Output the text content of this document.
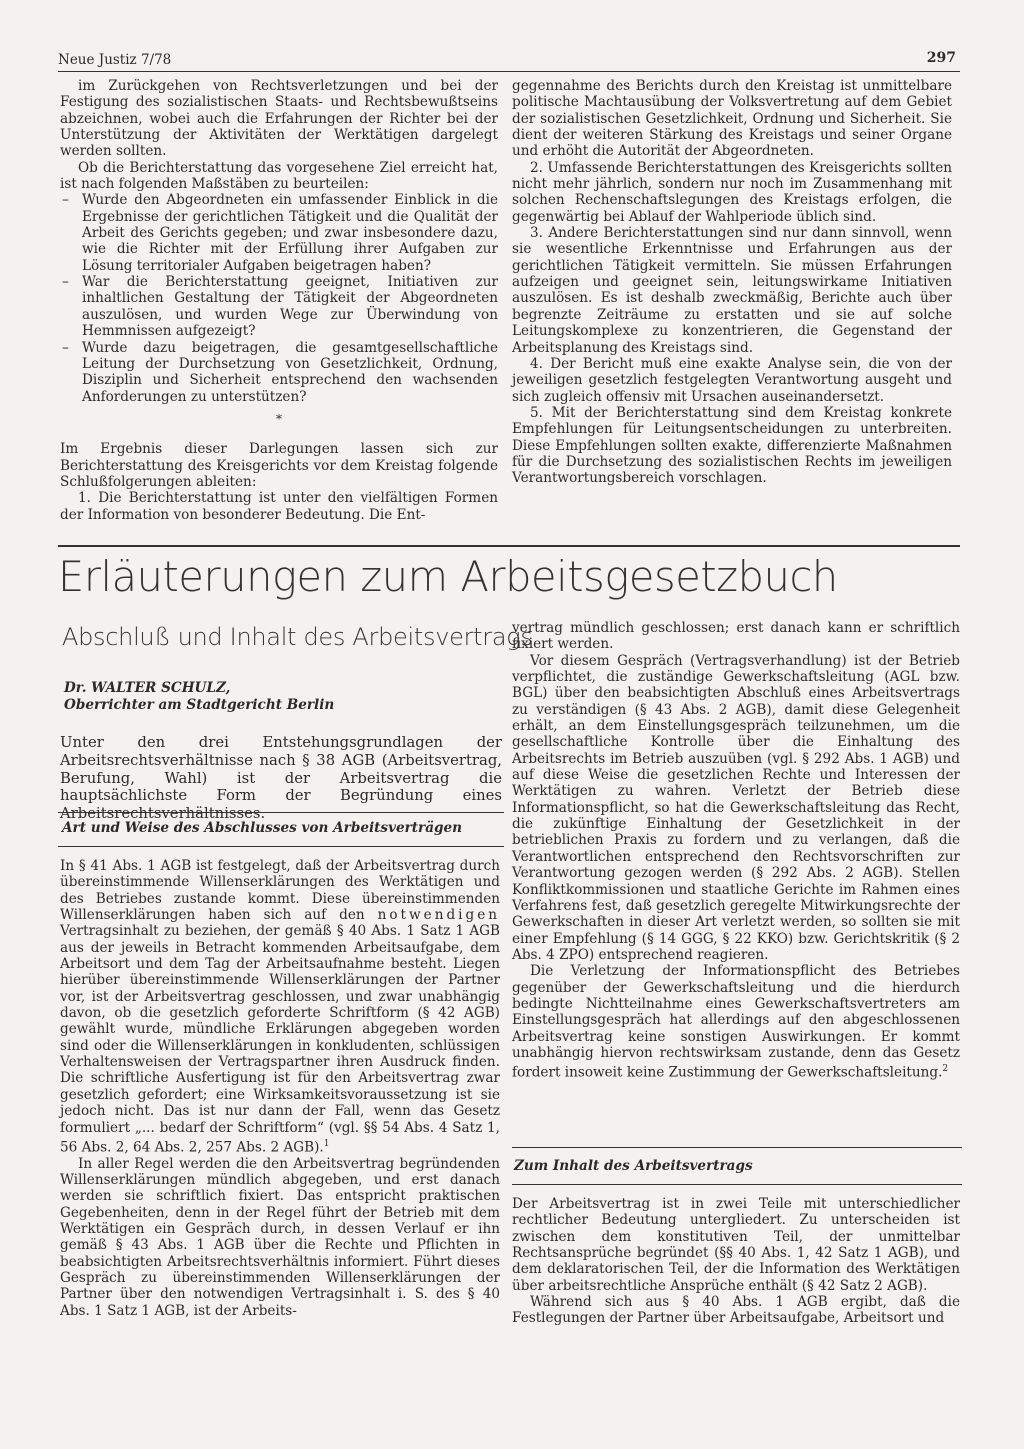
Neue Justiz 7/78	297

im Zurückgehen von Rechtsverletzungen und bei der Festigung des sozialistischen Staats- und Rechtsbewußtseins abzeichnen, wobei auch die Erfahrungen der Richter bei der Unterstützung der Aktivitäten der Werktätigen dargelegt werden sollten.

Ob die Berichterstattung das vorgesehene Ziel erreicht hat, ist nach folgenden Maßstäben zu beurteilen:

– Wurde den Abgeordneten ein umfassender Einblick in die Ergebnisse der gerichtlichen Tätigkeit und die Qualität der Arbeit des Gerichts gegeben; und zwar insbesondere dazu, wie die Richter mit der Erfüllung ihrer Aufgaben zur Lösung territorialer Aufgaben beigetragen haben?

– War die Berichterstattung geeignet, Initiativen zur inhaltlichen Gestaltung der Tätigkeit der Abgeordneten auszulösen, und wurden Wege zur Überwindung von Hemmnissen aufgezeigt?

– Wurde dazu beigetragen, die gesamtgesellschaftliche Leitung der Durchsetzung von Gesetzlichkeit, Ordnung, Disziplin und Sicherheit entsprechend den wachsenden Anforderungen zu unterstützen?

*

Im Ergebnis dieser Darlegungen lassen sich zur Berichterstattung des Kreisgerichts vor dem Kreistag folgende Schlußfolgerungen ableiten:

1. Die Berichterstattung ist unter den vielfältigen Formen der Information von besonderer Bedeutung. Die Ent-

gegennahme des Berichts durch den Kreistag ist unmittelbare politische Machtausübung der Volksvertretung auf dem Gebiet der sozialistischen Gesetzlichkeit, Ordnung und Sicherheit. Sie dient der weiteren Stärkung des Kreistags und seiner Organe und erhöht die Autorität der Abgeordneten.

2. Umfassende Berichterstattungen des Kreisgerichts sollten nicht mehr jährlich, sondern nur noch im Zusammenhang mit solchen Rechenschaftslegungen des Kreistags erfolgen, die gegenwärtig bei Ablauf der Wahlperiode üblich sind.

3. Andere Berichterstattungen sind nur dann sinnvoll, wenn sie wesentliche Erkenntnisse und Erfahrungen aus der gerichtlichen Tätigkeit vermitteln. Sie müssen Erfahrungen aufzeigen und geeignet sein, leitungswirkame Initiativen auszulösen. Es ist deshalb zweckmäßig, Berichte auch über begrenzte Zeiträume zu erstatten und sie auf solche Leitungskomplexe zu konzentrieren, die Gegenstand der Arbeitsplanung des Kreistags sind.

4. Der Bericht muß eine exakte Analyse sein, die von der jeweiligen gesetzlich festgelegten Verantwortung ausgeht und sich zugleich offensiv mit Ursachen auseinandersetzt.

5. Mit der Berichterstattung sind dem Kreistag konkrete Empfehlungen für Leitungsentscheidungen zu unterbreiten. Diese Empfehlungen sollten exakte, differenzierte Maßnahmen für die Durchsetzung des sozialistischen Rechts im jeweiligen Verantwortungsbereich vorschlagen.

Erläuterungen zum Arbeitsgesetzbuch
Abschluß und Inhalt des Arbeitsvertrags
Dr. WALTER SCHULZ,
Oberrichter am Stadtgericht Berlin
Unter den drei Entstehungsgrundlagen der Arbeitsrechtsverhältnisse nach § 38 AGB (Arbeitsvertrag, Berufung, Wahl) ist der Arbeitsvertrag die hauptsächlichste Form der Begründung eines Arbeitsrechtsverhältnisses.
Art und Weise des Abschlusses von Arbeitsverträgen

In § 41 Abs. 1 AGB ist festgelegt, daß der Arbeitsvertrag durch übereinstimmende Willenserklärungen des Werktätigen und des Betriebes zustande kommt. Diese übereinstimmenden Willenserklärungen haben sich auf den notwendigen Vertragsinhalt zu beziehen, der gemäß § 40 Abs. 1 Satz 1 AGB aus der jeweils in Betracht kommenden Arbeitsaufgabe, dem Arbeitsort und dem Tag der Arbeitsaufnahme besteht. Liegen hierüber übereinstimmende Willenserklärungen der Partner vor, ist der Arbeitsvertrag geschlossen, und zwar unabhängig davon, ob die gesetzlich geforderte Schriftform (§ 42 AGB) gewählt wurde, mündliche Erklärungen abgegeben worden sind oder die Willenserklärungen in konkludenten, schlüssigen Verhaltensweisen der Vertragspartner ihren Ausdruck finden. Die schriftliche Ausfertigung ist für den Arbeitsvertrag zwar gesetzlich gefordert; eine Wirksamkeitsvoraussetzung ist sie jedoch nicht. Das ist nur dann der Fall, wenn das Gesetz formuliert „... bedarf der Schriftform“ (vgl. §§ 54 Abs. 4 Satz 1, 56 Abs. 2, 64 Abs. 2, 257 Abs. 2 AGB).$^1$

In aller Regel werden die den Arbeitsvertrag begründenden Willenserklärungen mündlich abgegeben, und erst danach werden sie schriftlich fixiert. Das entspricht praktischen Gegebenheiten, denn in der Regel führt der Betrieb mit dem Werktätigen ein Gespräch durch, in dessen Verlauf er ihn gemäß § 43 Abs. 1 AGB über die Rechte und Pflichten in beabsichtigten Arbeitsrechtsverhältnis informiert. Führt dieses Gespräch zu übereinstimmenden Willenserklärungen der Partner über den notwendigen Vertragsinhalt i. S. des § 40 Abs. 1 Satz 1 AGB, ist der Arbeits-

vertrag mündlich geschlossen; erst danach kann er schriftlich fixiert werden.

Vor diesem Gespräch (Vertragsverhandlung) ist der Betrieb verpflichtet, die zuständige Gewerkschaftsleitung (AGL bzw. BGL) über den beabsichtigten Abschluß eines Arbeitsvertrags zu verständigen (§ 43 Abs. 2 AGB), damit diese Gelegenheit erhält, an dem Einstellungsgespräch teilzunehmen, um die gesellschaftliche Kontrolle über die Einhaltung des Arbeitsrechts im Betrieb auszuüben (vgl. § 292 Abs. 1 AGB) und auf diese Weise die gesetzlichen Rechte und Interessen der Werktätigen zu wahren. Verletzt der Betrieb diese Informationspflicht, so hat die Gewerkschaftsleitung das Recht, die zukünftige Einhaltung der Gesetzlichkeit in der betrieblichen Praxis zu fordern und zu verlangen, daß die Verantwortlichen entsprechend den Rechtsvorschriften zur Verantwortung gezogen werden (§ 292 Abs. 2 AGB). Stellen Konfliktkommissionen und staatliche Gerichte im Rahmen eines Verfahrens fest, daß gesetzlich geregelte Mitwirkungsrechte der Gewerkschaften in dieser Art verletzt werden, so sollten sie mit einer Empfehlung (§ 14 GGG, § 22 KKO) bzw. Gerichtskritik (§ 2 Abs. 4 ZPO) entsprechend reagieren.

Die Verletzung der Informationspflicht des Betriebes gegenüber der Gewerkschaftsleitung und die hierdurch bedingte Nichtteilnahme eines Gewerkschaftsvertreters am Einstellungsgespräch hat allerdings auf den abgeschlossenen Arbeitsvertrag keine sonstigen Auswirkungen. Er kommt unabhängig hiervon rechtswirksam zustande, denn das Gesetz fordert insoweit keine Zustimmung der Gewerkschaftsleitung.$^2$

Zum Inhalt des Arbeitsvertrags

Der Arbeitsvertrag ist in zwei Teile mit unterschiedlicher rechtlicher Bedeutung untergliedert. Zu unterscheiden ist zwischen dem konstitutiven Teil, der unmittelbar Rechtsansprüche begründet (§§ 40 Abs. 1, 42 Satz 1 AGB), und dem deklaratorischen Teil, der die Information des Werktätigen über arbeitsrechtliche Ansprüche enthält (§ 42 Satz 2 AGB).

Während sich aus § 40 Abs. 1 AGB ergibt, daß die Festlegungen der Partner über Arbeitsaufgabe, Arbeitsort und
